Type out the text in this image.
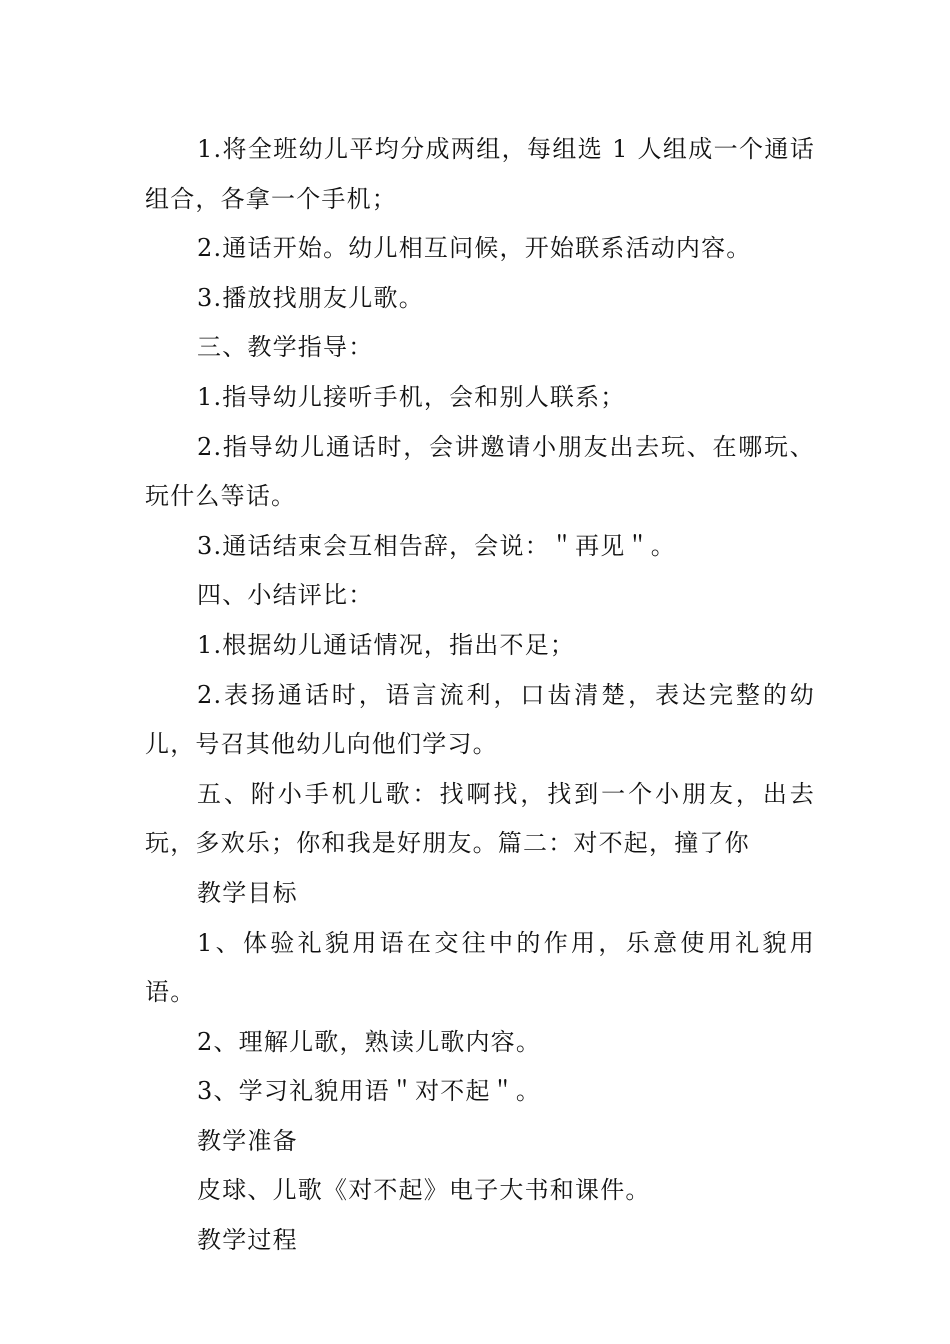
1.将全班幼儿平均分成两组，每组选 1 人组成一个通话组合，各拿一个手机；

2.通话开始。幼儿相互问候，开始联系活动内容。

3.播放找朋友儿歌。

三、教学指导：

1.指导幼儿接听手机，会和别人联系；

2.指导幼儿通话时，会讲邀请小朋友出去玩、在哪玩、玩什么等话。

3.通话结束会互相告辞，会说：＂再见＂。

四、小结评比：

1.根据幼儿通话情况，指出不足；

2.表扬通话时，语言流利，口齿清楚，表达完整的幼儿，号召其他幼儿向他们学习。

五、附小手机儿歌：找啊找，找到一个小朋友，出去玩，多欢乐；你和我是好朋友。篇二：对不起，撞了你

教学目标

1、体验礼貌用语在交往中的作用，乐意使用礼貌用语。

2、理解儿歌，熟读儿歌内容。

3、学习礼貌用语＂对不起＂。

教学准备

皮球、儿歌《对不起》电子大书和课件。

教学过程
